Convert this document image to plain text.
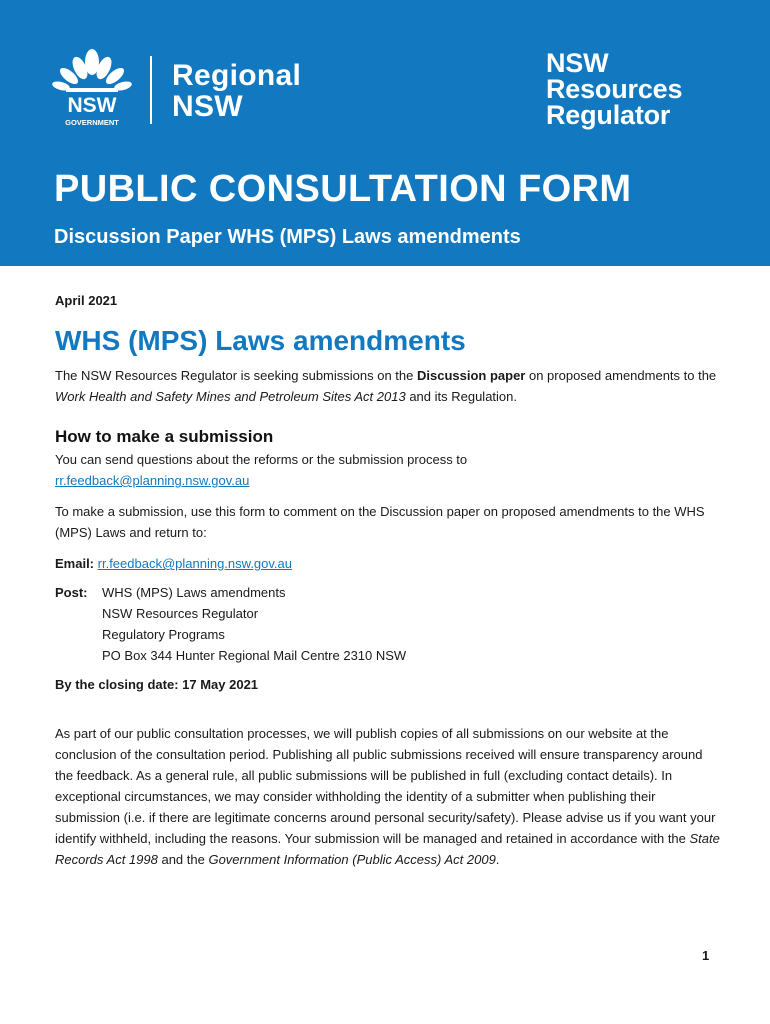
NSW
GOVERNMENT
Regional
NSW
NSW
Resources
Regulator
PUBLIC CONSULTATION FORM
Discussion Paper WHS (MPS) Laws amendments

April 2021

WHS (MPS) Laws amendments

The NSW Resources Regulator is seeking submissions on the Discussion paper on proposed amendments to the Work Health and Safety Mines and Petroleum Sites Act 2013 and its Regulation.

How to make a submission

You can send questions about the reforms or the submission process to
rr.feedback@planning.nsw.gov.au

To make a submission, use this form to comment on the Discussion paper on proposed amendments to the WHS (MPS) Laws and return to:

Email: rr.feedback@planning.nsw.gov.au

Post:	WHS (MPS) Laws amendments
NSW Resources Regulator
Regulatory Programs
PO Box 344 Hunter Regional Mail Centre 2310 NSW

By the closing date: 17 May 2021

As part of our public consultation processes, we will publish copies of all submissions on our website at the conclusion of the consultation period. Publishing all public submissions received will ensure transparency around the feedback. As a general rule, all public submissions will be published in full (excluding contact details). In exceptional circumstances, we may consider withholding the identity of a submitter when publishing their submission (i.e. if there are legitimate concerns around personal security/safety). Please advise us if you want your identify withheld, including the reasons. Your submission will be managed and retained in accordance with the State Records Act 1998 and the Government Information (Public Access) Act 2009.

1
